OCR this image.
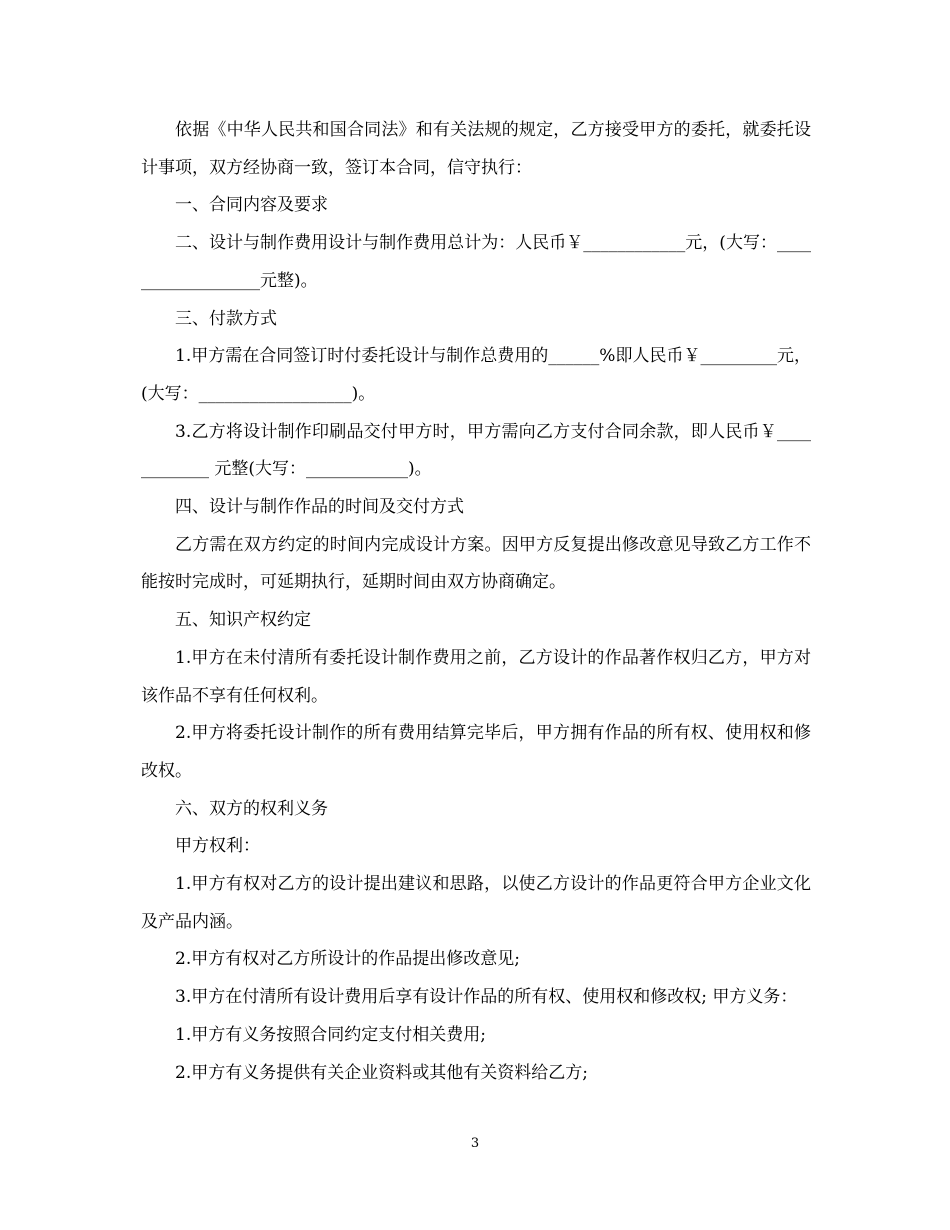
依据《中华人民共和国合同法》和有关法规的规定，乙方接受甲方的委托，就委托设计事项，双方经协商一致，签订本合同，信守执行：

一、合同内容及要求

二、设计与制作费用设计与制作费用总计为：人民币￥____________元，(大写：__________________元整)。

三、付款方式

1.甲方需在合同签订时付委托设计与制作总费用的______%即人民币￥_________元，(大写：__________________)。

3.乙方将设计制作印刷品交付甲方时，甲方需向乙方支付合同余款，即人民币￥____________ 元整(大写：____________)。

四、设计与制作作品的时间及交付方式

乙方需在双方约定的时间内完成设计方案。因甲方反复提出修改意见导致乙方工作不能按时完成时，可延期执行，延期时间由双方协商确定。

五、知识产权约定

1.甲方在未付清所有委托设计制作费用之前，乙方设计的作品著作权归乙方，甲方对该作品不享有任何权利。

2.甲方将委托设计制作的所有费用结算完毕后，甲方拥有作品的所有权、使用权和修改权。

六、双方的权利义务

甲方权利：

1.甲方有权对乙方的设计提出建议和思路，以使乙方设计的作品更符合甲方企业文化及产品内涵。

2.甲方有权对乙方所设计的作品提出修改意见;

3.甲方在付清所有设计费用后享有设计作品的所有权、使用权和修改权; 甲方义务：

1.甲方有义务按照合同约定支付相关费用;

2.甲方有义务提供有关企业资料或其他有关资料给乙方;

3
